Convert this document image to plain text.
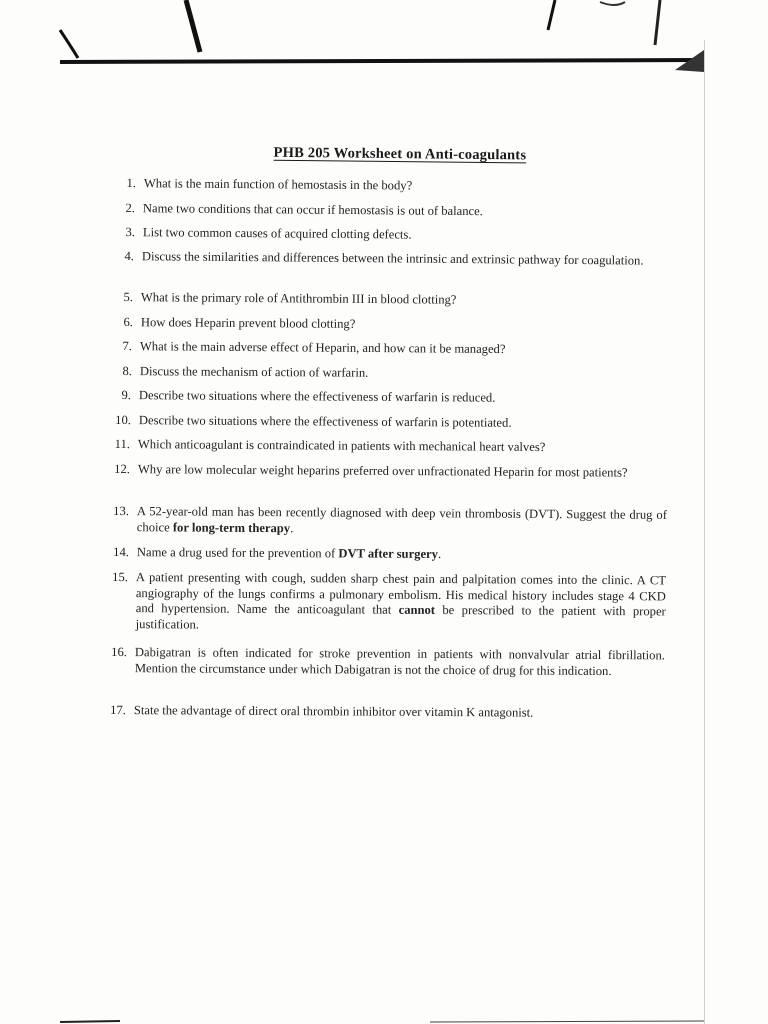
PHB 205 Worksheet on Anti-coagulants
1. What is the main function of hemostasis in the body?
2. Name two conditions that can occur if hemostasis is out of balance.
3. List two common causes of acquired clotting defects.
4. Discuss the similarities and differences between the intrinsic and extrinsic pathway for coagulation.
5. What is the primary role of Antithrombin III in blood clotting?
6. How does Heparin prevent blood clotting?
7. What is the main adverse effect of Heparin, and how can it be managed?
8. Discuss the mechanism of action of warfarin.
9. Describe two situations where the effectiveness of warfarin is reduced.
10. Describe two situations where the effectiveness of warfarin is potentiated.
11. Which anticoagulant is contraindicated in patients with mechanical heart valves?
12. Why are low molecular weight heparins preferred over unfractionated Heparin for most patients?
13. A 52-year-old man has been recently diagnosed with deep vein thrombosis (DVT). Suggest the drug of choice for long-term therapy.
14. Name a drug used for the prevention of DVT after surgery.
15. A patient presenting with cough, sudden sharp chest pain and palpitation comes into the clinic. A CT angiography of the lungs confirms a pulmonary embolism. His medical history includes stage 4 CKD and hypertension. Name the anticoagulant that cannot be prescribed to the patient with proper justification.
16. Dabigatran is often indicated for stroke prevention in patients with nonvalvular atrial fibrillation. Mention the circumstance under which Dabigatran is not the choice of drug for this indication.
17. State the advantage of direct oral thrombin inhibitor over vitamin K antagonist.
